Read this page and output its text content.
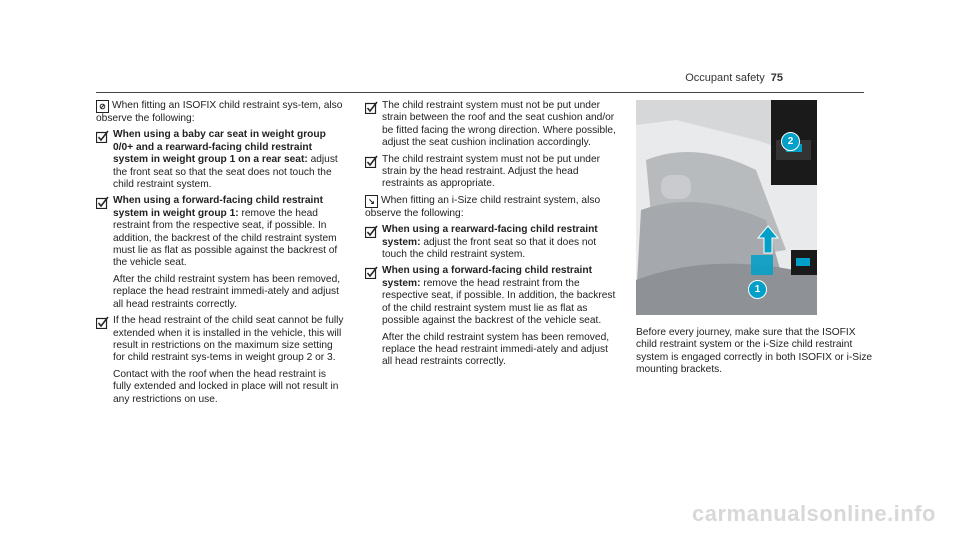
Occupant safety 75

⊘ When fitting an ISOFIX child restraint sys-tem, also observe the following:

When using a baby car seat in weight group 0/0+ and a rearward-facing child restraint system in weight group 1 on a rear seat: adjust the front seat so that the seat does not touch the child restraint system.
When using a forward-facing child restraint system in weight group 1: remove the head restraint from the respective seat, if possible. In addition, the backrest of the child restraint system must lie as flat as possible against the backrest of the vehicle seat.
After the child restraint system has been removed, replace the head restraint immedi-ately and adjust all head restraints correctly.
If the head restraint of the child seat cannot be fully extended when it is installed in the vehicle, this will result in restrictions on the maximum size setting for child restraint sys-tems in weight group 2 or 3.
Contact with the roof when the head restraint is fully extended and locked in place will not result in any restrictions on use.
The child restraint system must not be put under strain between the roof and the seat cushion and/or be fitted facing the wrong direction. Where possible, adjust the seat cushion inclination accordingly.
The child restraint system must not be put under strain by the head restraint. Adjust the head restraints as appropriate.

↘ When fitting an i-Size child restraint system, also observe the following:

When using a rearward-facing child restraint system: adjust the front seat so that it does not touch the child restraint system.
When using a forward-facing child restraint system: remove the head restraint from the respective seat, if possible. In addition, the backrest of the child restraint system must lie as flat as possible against the backrest of the vehicle seat.
After the child restraint system has been removed, replace the head restraint immedi-ately and adjust all head restraints correctly.
2
1

Before every journey, make sure that the ISOFIX child restraint system or the i-Size child restraint system is engaged correctly in both ISOFIX or i-Size mounting brackets.

carmanualsonline.info
